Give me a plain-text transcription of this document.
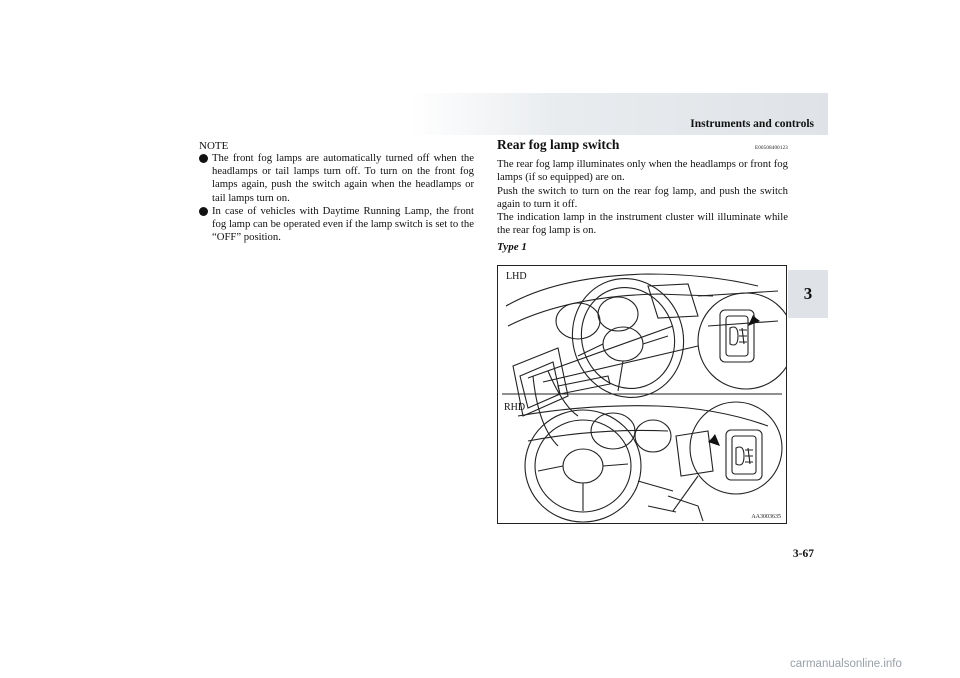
Instruments and controls
3
NOTE
The front fog lamps are automatically turned off when the headlamps or tail lamps turn off. To turn on the front fog lamps again, push the switch again when the headlamps or tail lamps turn on.
In case of vehicles with Daytime Running Lamp, the front fog lamp can be operated even if the lamp switch is set to the “OFF” position.
Rear fog lamp switch	E00508400123

The rear fog lamp illuminates only when the headlamps or front fog lamps (if so equipped) are on.

Push the switch to turn on the rear fog lamp, and push the switch again to turn it off.

The indication lamp in the instrument cluster will illuminate while the rear fog lamp is on.

Type 1
LHD
RHD
AA3003635
3-67
carmanualsonline.info
